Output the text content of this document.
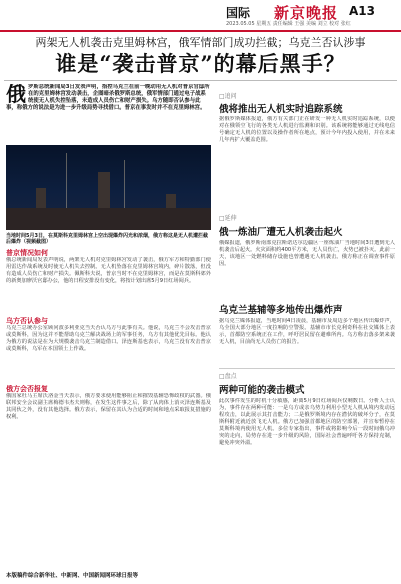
国际 新京晚报 A13
2023.05.05 星期五 责任编辑 王强 美编 刘立 校对 张红
两架无人机袭击克里姆林宫，俄军情部门成功拦截；乌克兰否认涉事
谁是“袭击普京”的幕后黑手？
俄 罗斯总统新闻局3日发表声明，指控乌克兰在前一晚动用无人机对普京官邸所在的克里姆林宫发动袭击，企图暗杀俄罗斯总统，俄军情部门通过电子战系统使无人机失控坠落，未造成人员伤亡和财产损失。乌方随即否认参与此事，称俄方的说法是为进一步升级局势寻找借口。普京在事发时并不在克里姆林宫。
当地时间5月3日，在莫斯科克里姆林宫上空出现爆炸闪光和浓烟，俄方称这是无人机遭拦截后爆炸（视频截图）
普京情况如何
俄总统新闻局发表声明说，两架无人机对克里姆林宫发动了袭击，俄方军方和特勤部门使用雷达作战系统及时使无人机失去控制。无人机坠落在克里姆林宫境内，碎片散落，但没有造成人员伤亡和财产损失。佩斯科夫说，普京当时不在克里姆林宫，而是在莫斯科郊外的新奥加廖沃官邸办公，他的日程安排没有变化，将按计划出席5月9日红场阅兵。
乌方否认参与
乌克兰总统办公室顾问波多利亚克当天否认乌方与此事有关。他说，乌克兰不会攻击普京或莫斯科，因为这并不能帮助乌克兰解决战场上的军事任务，乌方有其他优先目标。他认为俄方的说法是在为大规模袭击乌克兰制造借口。泽连斯基也表示，乌克兰没有攻击普京或莫斯科，乌军在本国领土上作战。
俄方会否报复
俄国家杜马主席沃洛金当天表示，俄方要求使用能够阻止和摧毁基辅恐怖政权的武器。俄联邦安全会议副主席梅德韦杰夫则称，在发生这件事之后，除了从肉体上消灭泽连斯基及其同伙之外，没有其他选择。俄方表示，保留在其认为合适的时间和地点采取报复措施的权利。
□追问
俄将推出无人机实时追踪系统
据俄罗斯媒体报道，俄方有关部门正在研发一种无人机实时追踪系统，以便对在俄领空飞行的各类无人机进行监测和识别。该系统将能够通过无线电信号确定无人机的位置以及操作者所在地点，预计今年内投入使用，并在未来几年内扩大覆盖范围。
□延伸
俄一炼油厂遭无人机袭击起火
俄媒报道，俄罗斯南部克拉斯诺达尔边疆区一座炼油厂当地时间3日遭到无人机袭击后起火。火灾面积约400平方米，无人员伤亡，火势已被扑灭。此前一天，该地区一处燃料储存设施也曾遭遇无人机袭击。俄方称正在调查事件原因。
乌克兰基辅等多地传出爆炸声
据乌克兰媒体报道，当地时间4日凌晨，基辅市及周边多个地区传出爆炸声，乌全国大部分地区一度拉响防空警报。基辅市市长克利奇科在社交媒体上表示，首都防空系统正在工作，呼吁居民留在避难所内。乌方称击落多架来袭无人机，目前尚无人员伤亡的报告。
□盘点
两种可能的袭击模式
此次事件发生的时机十分敏感，距离5月9日红场阅兵仅剩数日。分析人士认为，事件存在两种可能：一是乌方或亲乌势力利用小型无人机从境内发动远程攻击，以此展示其打击能力；二是俄罗斯境内存在潜伏的破坏分子，在莫斯科附近就近放飞无人机。俄方已加强首都地区的防空部署，并宣布暂停在莫斯科境内使用无人机。多位专家指出，事件或将影响今后一段时间俄乌冲突的走向，局势存在进一步升级的风险，国际社会普遍呼吁各方保持克制，避免冲突外溢。
本版稿件综合新华社、中新网、中国新闻网环球日报等
